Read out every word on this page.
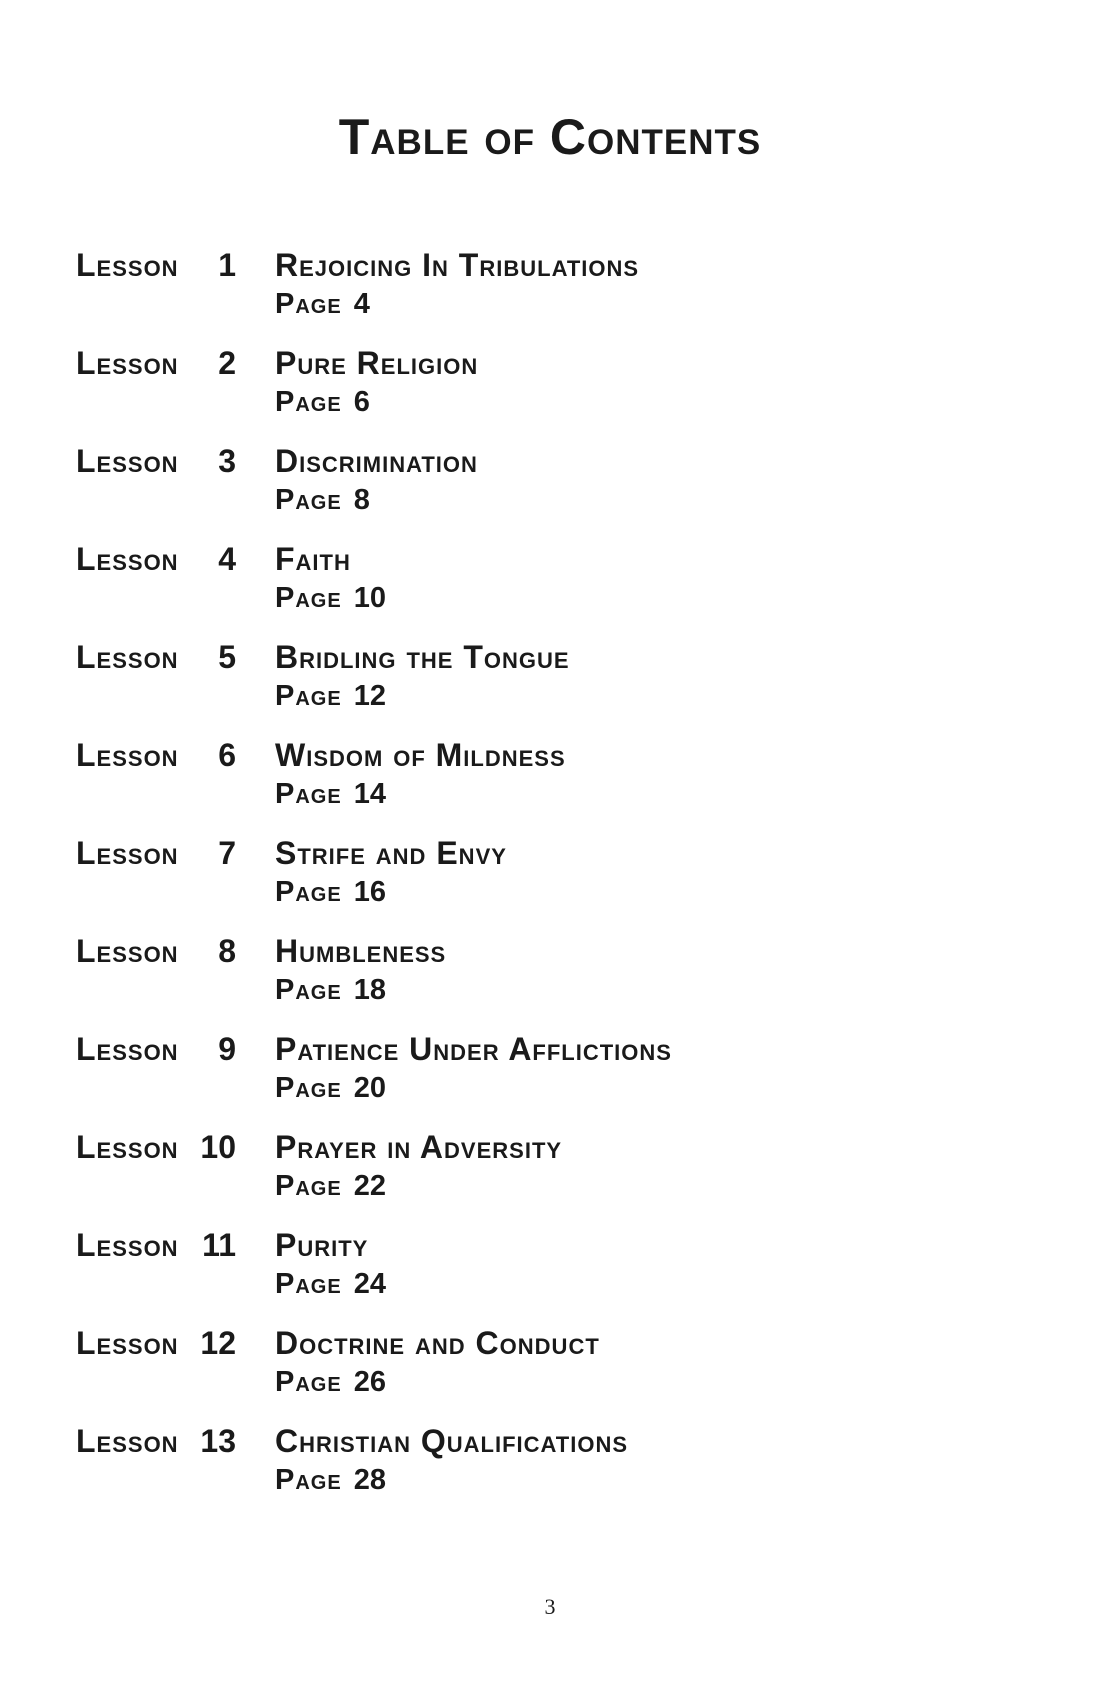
Table of Contents
Lesson	1 Rejoicing In Tribulations
Page 4
Lesson	2 Pure Religion
Page 6
Lesson	3 Discrimination
Page 8
Lesson	4 Faith
Page 10
Lesson	5 Bridling the Tongue
Page 12
Lesson	6 Wisdom of Mildness
Page 14
Lesson	7 Strife and Envy
Page 16
Lesson	8 Humbleness
Page 18
Lesson	9 Patience Under Afflictions
Page 20
Lesson 10 Prayer in Adversity
Page 22
Lesson 11 Purity
Page 24
Lesson 12 Doctrine and Conduct
Page 26
Lesson 13 Christian Qualifications
Page 28
3
